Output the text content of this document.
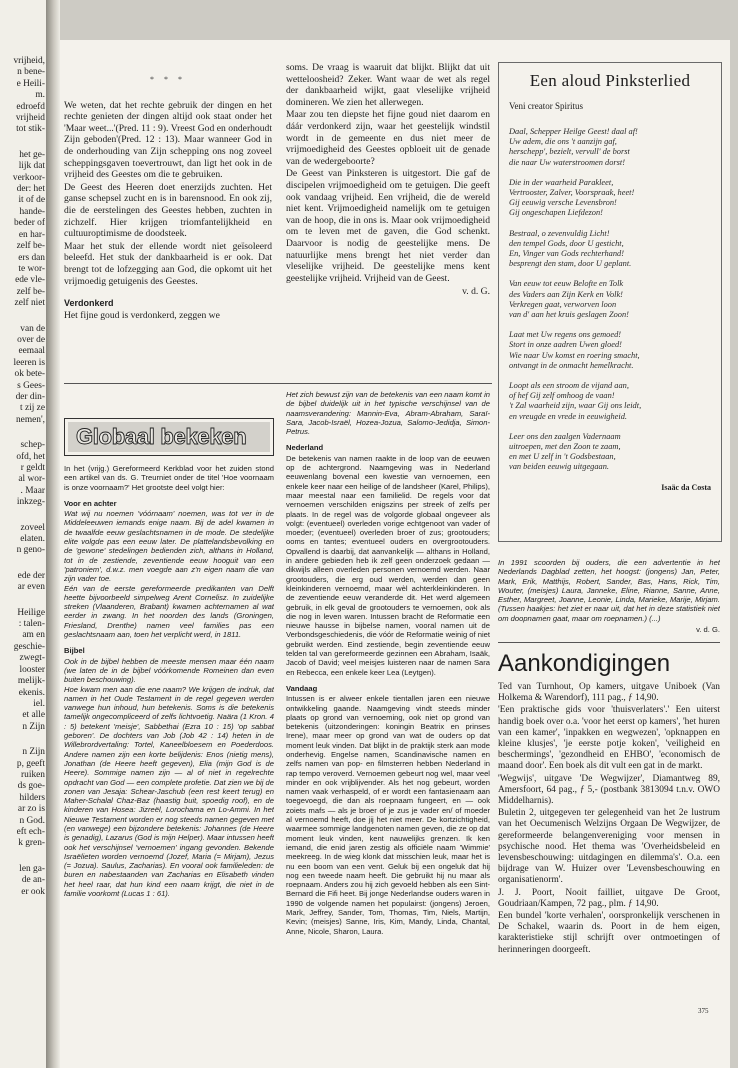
vrijheid,
n bene-
e Heili-
m.
edroefd
vrijheid
tot stik-
het ge-
lijk dat
verkoor-
der: het
it of de
hande-
beder of
en har-
zelf be-
ers dan
te wor-
ede vle-
zelf be-
zelf niet
van de
over de
eemaal
leeren is
ok bete-
s Gees-
der din-
t zij ze
nemen',
schep-
ofd, het
r geldt
al wor-
. Maar
inkzeg-
zoveel
elaten.
n geno-
ede der
ar even
Heilige
: talen-
am en
geschie-
zwegt-
looster
melijk-
ekenis.
iel.
et alle
n Zijn
n Zijn
p, geeft
ruiken
ds goe-
hilders
ar zo is
n God.
eft ech-
k gren-
len ga-
de an-
er ook
* * *

We weten, dat het rechte gebruik der dingen en het rechte genieten der dingen altijd ook staat onder het 'Maar weet...'(Pred. 11 : 9). Vreest God en onderhoudt Zijn geboden'(Pred. 12 : 13). Maar wanneer God in de onderhouding van Zijn schepping ons nog zoveel scheppingsgaven toevertrouwt, dan ligt het ook in de vrijheid des Geestes om die te gebruiken.

De Geest des Heeren doet enerzijds zuchten. Het ganse schepsel zucht en is in barensnood. En ook zij, die de eerstelingen des Geestes hebben, zuchten in zichzelf. Hier krijgen triomfantelijkheid en cultuuroptimisme de doodsteek.

Maar het stuk der ellende wordt niet geïsoleerd beleefd. Het stuk der dankbaarheid is er ook. Dat brengt tot de lofzegging aan God, die opkomt uit het vrijmoedig getuigenis des Geestes.

Verdonkerd

Het fijne goud is verdonkerd, zeggen we

soms. De vraag is waaruit dat blijkt. Blijkt dat uit wetteloosheid? Zeker. Want waar de wet als regel der dankbaarheid wijkt, gaat vleselijke vrijheid domineren. We zien het allerwegen.

Maar zou ten diepste het fijne goud niet daarom en dáár verdonkerd zijn, waar het geestelijk windstil wordt in de gemeente en dus niet meer de vrijmoedigheid des Geestes opbloeit uit de genade van de wedergeboorte?

De Geest van Pinksteren is uitgestort. Die gaf de discipelen vrijmoedigheid om te getuigen. Die geeft ook vandaag vrijheid. Een vrijheid, die de wereld niet kent. Vrijmoedigheid namelijk om te getuigen van de hoop, die in ons is. Maar ook vrijmoedigheid om te leven met de gaven, die God schenkt. Daarvoor is nodig de geestelijke mens. De natuurlijke mens brengt het niet verder dan vleselijke vrijheid. De geestelijke mens kent geestelijke vrijheid. Vrijheid van de Geest.

v. d. G.
Een aloud Pinksterlied
Veni creator Spiritus
Daal, Schepper Heilge Geest! daal af!
Uw adem, die ons 't aanzijn gaf,
herschepp', bezielt, vervull' de borst
die naar Uw waterstroomen dorst!
Die in der waarheid Parakleet,
Vertrooster, Zalver, Voorspraak, heet!
Gij eeuwig versche Levensbron!
Gij ongeschapen Liefdezon!
Bestraal, o zevenvuldig Licht!
den tempel Gods, door U gesticht,
En, Vinger van Gods rechterhand!
besprengt den stam, door U geplant.
Van eeuw tot eeuw Belofte en Tolk
des Vaders aan Zijn Kerk en Volk!
Verkregen gaat, verworven loon
van d' aan het kruis geslagen Zoon!
Laat met Uw regens ons gemoed!
Stort in onze aadren Uwen gloed!
Wie naar Uw komst en roering smacht,
ontvangt in de onmacht hemelkracht.
Loopt als een stroom de vijand aan,
of hef Gij zelf omhoog de vaan!
't Zal waarheid zijn, waar Gij ons leidt,
en vreugde en vrede in eeuwigheid.
Leer ons den zaalgen Vadernaam
uitroepen, met den Zoon te zaam,
en met U zelf in 't Godsbestaan,
van beiden eeuwig uitgegaan.
Isaäc da Costa
Globaal bekeken

In het (vrijg.) Gereformeerd Kerkblad voor het zuiden stond een artikel van ds. G. Treurniet onder de titel 'Hoe voornaam is onze voornaam?' Het grootste deel volgt hier:

Voor en achter

Wat wij nu noemen 'vóórnaam' noemen, was tot ver in de Middeleeuwen iemands enige naam. Bij de adel kwamen in de twaalfde eeuw geslachtsnamen in de mode. De stedelijke elite volgde pas een eeuw later. De plattelandsbevolking en de 'gewone' stedelingen bedienden zich, althans in Holland, tot in de zestiende, zeventiende eeuw hooguit van een 'patroniem', d.w.z. men voegde aan z'n eigen naam die van zijn vader toe.

Eén van de eerste gereformeerde predikanten van Delft heette bijvoorbeeld simpelweg Arent Cornelisz. In zuidelijke streken (Vlaanderen, Brabant) kwamen achternamen al wat eerder in zwang. In het noorden des lands (Groningen, Friesland, Drenthe) namen veel families pas een geslachtsnaam aan, toen het verplicht werd, in 1811.

Bijbel

Ook in de bijbel hebben de meeste mensen maar één naam (we laten de in de bijbel vóórkomende Romeinen dan even buiten beschouwing).

Hoe kwam men aan die ene naam? We krijgen de indruk, dat namen in het Oude Testament in de regel gegeven werden vanwege hun inhoud, hun betekenis. Soms is die betekenis tamelijk ongecompliceerd of zelfs lichtvoetig. Naära (1 Kron. 4 : 5) betekent 'meisje', Sabbethai (Ezra 10 : 15) 'op sabbat geboren'. De dochters van Job (Job 42 : 14) heten in de Willebrordvertaling: Tortel, Kaneelbloesem en Poederdoos. Andere namen zijn een korte belijdenis: Enos (nietig mens), Jonathan (de Heere heeft gegeven), Elia (mijn God is de Heere). Sommige namen zijn — al of niet in regelrechte opdracht van God — een complete profetie. Dat zien we bij de zonen van Jesaja: Schear-Jaschub (een rest keert terug) en Maher-Schalal Chaz-Baz (haastig buit, spoedig roof), en de kinderen van Hosea: Jizreël, Lorochama en Lo-Ammi. In het Nieuwe Testament worden er nog steeds namen gegeven met (en vanwege) een bijzondere betekenis: Johannes (de Heere is genadig), Lazarus (God is mijn Helper). Maar intussen heeft ook het verschijnsel 'vernoemen' ingang gevonden. Bekende Israëlieten worden vernoemd (Jozef, Maria (= Mirjam), Jezus (= Jozua). Saulus, Zacharias). En vooral ook familieleden: de buren en nabestaanden van Zacharias en Elisabeth vinden het heel raar, dat hun kind een naam krijgt, die niet in de familie voorkomt (Lucas 1 : 61).

Het zich bewust zijn van de betekenis van een naam komt in de bijbel duidelijk uit in het typische verschijnsel van de naamsverandering: Mannin-Eva, Abram-Abraham, Saraï-Sara, Jacob-Israël, Hozea-Jozua, Salomo-Jedidja, Simon-Petrus.

Nederland

De betekenis van namen raakte in de loop van de eeuwen op de achtergrond. Naamgeving was in Nederland eeuwenlang bovenal een kwestie van vernoemen, een enkele keer naar een heilige of de landsheer (Karel, Philips), maar meestal naar een familielid. De regels voor dat vernoemen verschilden enigszins per streek of zelfs per plaats. In de regel was de volgorde globaal ongeveer als volgt: (eventueel) overleden vorige echtgenoot van vader of moeder; (eventueel) overleden broer of zus; grootouders; ooms en tantes; eventueel ouders en overgrootouders. Opvallend is daarbij, dat aanvankelijk — althans in Holland, in andere gebieden heb ik zelf geen onderzoek gedaan — dikwijls alleen overleden personen vernoemd werden. Naar grootouders, die erg oud werden, werden dan geen kleinkinderen vernoemd, maar wèl achterkleinkinderen. In de zeventiende eeuw veranderde dit. Het werd algemeen gebruik, in elk geval de grootouders te vernoemen, ook als die nog in leven waren. Intussen bracht de Reformatie een nieuwe hausse in bijbelse namen, vooral namen uit de Verbondsgeschiedenis, die vóór de Reformatie weinig of niet gebruikt werden. Eind zestiende, begin zeventiende eeuw telden tal van gereformeerde gezinnen een Abraham, Isaäk, Jacob of David; veel meisjes luisteren naar de namen Sara en Rebecca, een enkele keer Lea (Leytgen).

Vandaag

Intussen is er alweer enkele tientallen jaren een nieuwe ontwikkeling gaande. Naamgeving vindt steeds minder plaats op grond van vernoeming, ook niet op grond van betekenis (uitzonderingen: koningin Beatrix en prinses Irene), maar meer op grond van wat de ouders op dat moment leuk vinden. Dat blijkt in de praktijk sterk aan mode onderhevig. Engelse namen, Scandinavische namen en zelfs namen van pop- en filmsterren hebben Nederland in rap tempo veroverd. Vernoemen gebeurt nog wel, maar veel minder en ook vrijblijvender. Als het nog gebeurt, worden namen vaak verhaspeld, of er wordt een fantasienaam aan toegevoegd, die dan als roepnaam fungeert, en — ook zoiets mafs — als je broer of je zus je vader en/ of moeder al vernoemd heeft, doe jij het niet meer. De kortzichtigheid, waarmee sommige landgenoten namen geven, die ze op dat moment leuk vinden, kent nauwelijks grenzen. Ik ken iemand, die enid jaren zestig als officiële naam 'Wimmie' meekreeg. In de wieg klonk dat misschien leuk, maar het is nu een boom van een vent. Geluk bij een ongeluk dat hij nog een tweede naam heeft. Die gebruikt hij nu maar als roepnaam. Anders zou hij zich gevoeld hebben als een Sint-Bernard die Fifi heet. Bij jonge Nederlandse ouders waren in 1990 de volgende namen het populairst: (jongens) Jeroen, Mark, Jeffrey, Sander, Tom, Thomas, Tim, Niels, Martijn, Kevin; (meisjes) Sanne, Iris, Kim, Mandy, Linda, Chantal, Anne, Nicole, Sharon, Laura.

In 1991 scoorden bij ouders, die een advertentie in het Nederlands Dagblad zetten, het hoogst: (jongens) Jan, Peter, Mark, Erik, Matthijs, Robert, Sander, Bas, Hans, Rick, Tim, Wouter, (meisjes) Laura, Janneke, Eline, Rianne, Sanne, Anne, Esther, Margreet, Joanne, Leonie, Linda, Marieke, Marije, Mirjam. (Tussen haakjes: het ziet er naar uit, dat het in deze statistiek niet om doopnamen gaat, maar om roepnamen.) (...)

v. d. G.
Aankondigingen

Ted van Turnhout, Op kamers, uitgave Uniboek (Van Holkema & Warendorf), 111 pag., ƒ 14,90.

'Een praktische gids voor 'thuisverlaters'.' Een uiterst handig boek over o.a. 'voor het eerst op kamers', 'het huren van een kamer', 'inpakken en wegwezen', 'opknappen en kleine klusjes', 'je eerste potje koken', 'veiligheid en beschermings', 'gezondheid en EHBO', 'economisch de maand door'. Een boek als dit vult een gat in de markt.

'Wegwijs', uitgave 'De Wegwijzer', Diamantweg 89, Amersfoort, 64 pag., ƒ 5,- (postbank 3813094 t.n.v. OWO Middelharnis).

Buletin 2, uitgegeven ter gelegenheid van het 2e lustrum van het Oecumenisch Welzijns Orgaan De Wegwijzer, de gereformeerde belangenvereniging voor mensen in psychische nood. Het thema was 'Overheidsbeleid en levensbeschouwing: uitdagingen en dilemma's'. O.a. een bijdrage van W. Huizer over 'Levensbeschouwing en organisatienorm'.

J. J. Poort, Nooit failliet, uitgave De Groot, Goudriaan/Kampen, 72 pag., plm. ƒ 14,90.

Een bundel 'korte verhalen', oorspronkelijk verschenen in De Schakel, waarin ds. Poort in de hem eigen, karakteristieke stijl schrijft over ontmoetingen of herinneringen doorgeeft.

375
